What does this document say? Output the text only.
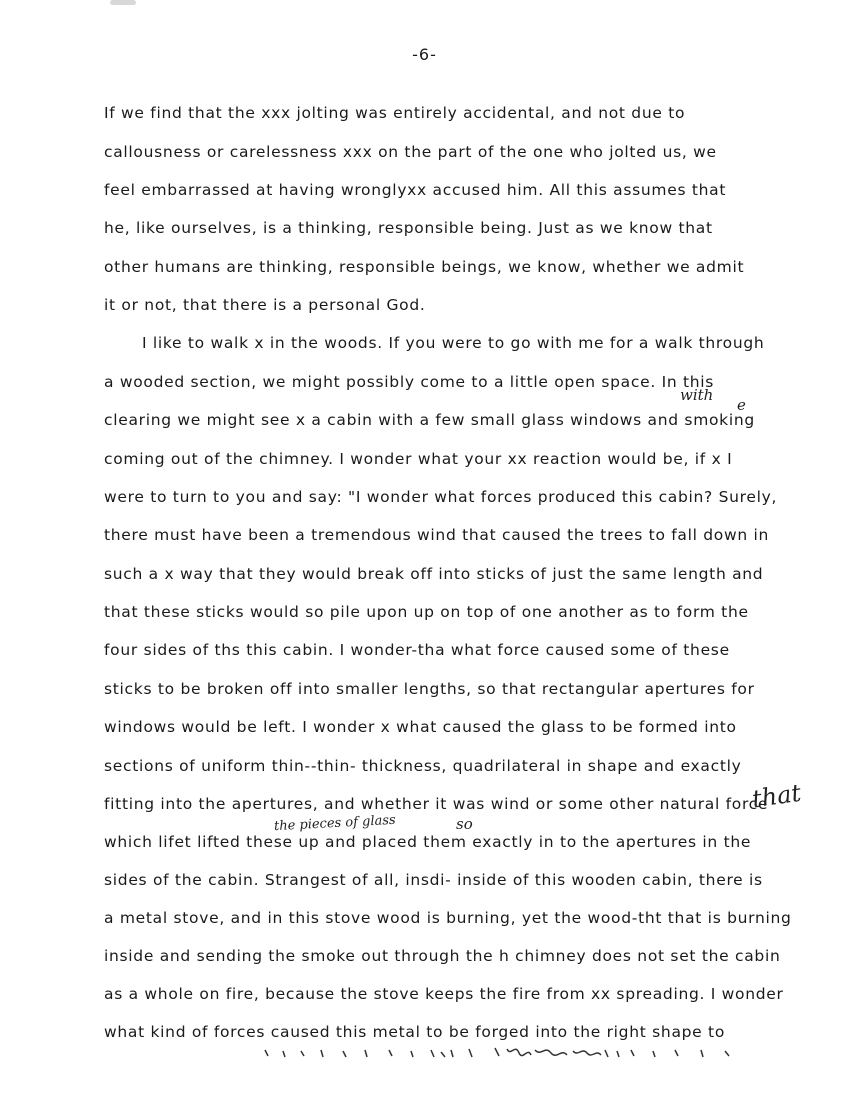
-6-
If we find that the xxx jolting was entirely accidental, and not due to
callousness or carelessness xxx on the part of the one who jolted us, we
feel embarrassed at having wronglyxx accused him. All this assumes that
he, like ourselves, is a thinking, responsible being. Just as we know that
other humans are thinking, responsible beings, we know, whether we admit
it or not, that there is a personal God.
I like to walk x in the woods. If you were to go with me for a walk through
a wooded section, we might possibly come to a little open space. In this
clearing we might see x a cabin with a few small glass windows and smoking
coming out of the chimney. I wonder what your xx reaction would be, if x I
were to turn to you and say: "I wonder what forces produced this cabin? Surely,
there must have been a tremendous wind that caused the trees to fall down in
such a x way that they would break off into sticks of just the same length and
that these sticks would so pile upon up on top of one another as to form the
four sides of ths this cabin. I wonder-tha what force caused some of these
sticks to be broken off into smaller lengths, so that rectangular apertures for
windows would be left. I wonder x what caused the glass to be formed into
sections of uniform thin--thin- thickness, quadrilateral in shape and exactly
fitting into the apertures, and whether it was wind or some other natural force
which lifet lifted these up and placed them exactly in to the apertures in the
sides of the cabin. Strangest of all, insdi- inside of this wooden cabin, there is
a metal stove, and in this stove wood is burning, yet the wood-tht that is burning
inside and sending the smoke out through the h chimney does not set the cabin
as a whole on fire, because the stove keeps the fire from xx spreading. I wonder
what kind of forces caused this metal to be forged into the right shape to
with
e
that
the pieces of glass	so
